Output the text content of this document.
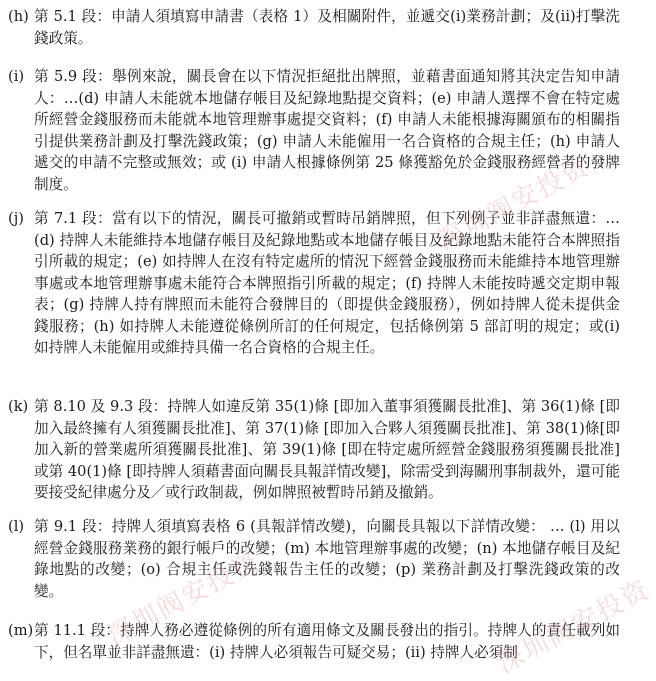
(h) 第 5.1 段：申請人須填寫申請書（表格 1）及相關附件，並遞交(i)業務計劃；及(ii)打擊洗錢政策。
(i) 第 5.9 段：舉例來說，關長會在以下情況拒絕批出牌照，並藉書面通知將其決定告知申請人：…(d) 申請人未能就本地儲存帳目及紀錄地點提交資料；(e) 申請人選擇不會在特定處所經營金錢服務而未能就本地管理辦事處提交資料；(f) 申請人未能根據海關頒布的相關指引提供業務計劃及打擊洗錢政策；(g) 申請人未能僱用一名合資格的合規主任；(h) 申請人遞交的申請不完整或無效；或 (i) 申請人根據條例第 25 條獲豁免於金錢服務經營者的發牌制度。
(j) 第 7.1 段：當有以下的情況，關長可撤銷或暫時吊銷牌照，但下列例子並非詳盡無遺：… (d) 持牌人未能維持本地儲存帳目及紀錄地點或本地儲存帳目及紀錄地點未能符合本牌照指引所載的規定；(e) 如持牌人在沒有特定處所的情況下經營金錢服務而未能維持本地管理辦事處或本地管理辦事處未能符合本牌照指引所載的規定；(f) 持牌人未能按時遞交定期申報表；(g) 持牌人持有牌照而未能符合發牌目的（即提供金錢服務），例如持牌人從未提供金錢服務；(h) 如持牌人未能遵從條例所訂的任何規定，包括條例第 5 部訂明的規定；或(i) 如持牌人未能僱用或維持具備一名合資格的合規主任。
(k) 第 8.10 及 9.3 段：持牌人如違反第 35(1)條 [即加入董事須獲關長批准]、第 36(1)條 [即加入最終擁有人須獲關長批准]、第 37(1)條 [即加入合夥人須獲關長批准]、第 38(1)條[即加入新的營業處所須獲關長批准]、第 39(1)條 [即在特定處所經營金錢服務須獲關長批准]或第 40(1)條 [即持牌人須藉書面向關長具報詳情改變]，除需受到海關刑事制裁外，還可能要接受紀律處分及／或行政制裁，例如牌照被暫時吊銷及撤銷。
(l) 第 9.1 段：持牌人須填寫表格 6 (具報詳情改變)，向關長具報以下詳情改變： … (l) 用以經營金錢服務業務的銀行帳戶的改變；(m) 本地管理辦事處的改變；(n) 本地儲存帳目及紀錄地點的改變；(o) 合規主任或洗錢報告主任的改變；(p) 業務計劃及打擊洗錢政策的改變。
(m) 第 11.1 段：持牌人務必遵從條例的所有適用條文及關長發出的指引。持牌人的責任載列如下，但名單並非詳盡無遺：(i) 持牌人必須報告可疑交易；(ii) 持牌人必須制
深圳阀安投资
深圳阀安投资	深圳阀安投资
